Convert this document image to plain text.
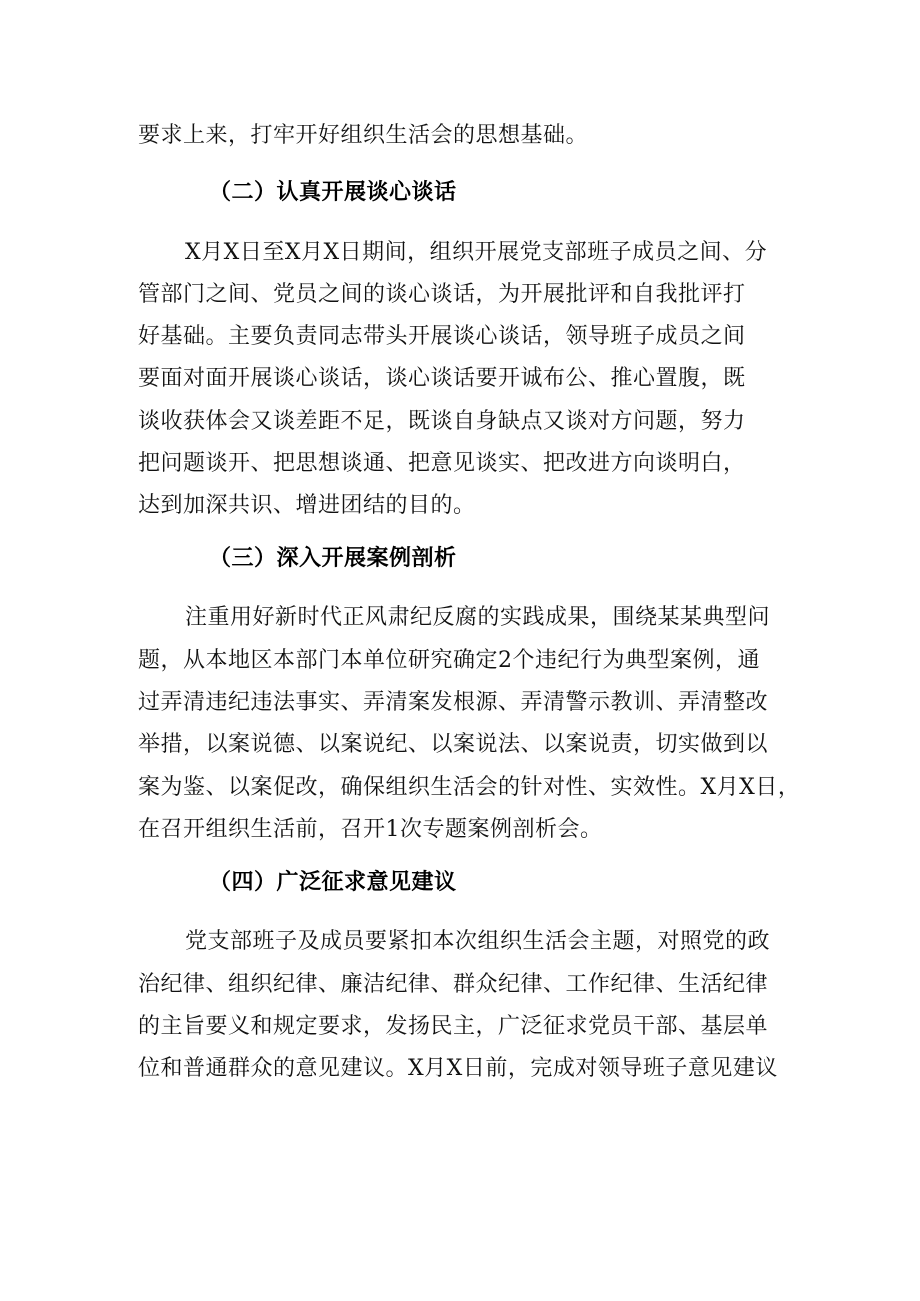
要求上来，打牢开好组织生活会的思想基础。
（二）认真开展谈心谈话
X月X日至X月X日期间，组织开展党支部班子成员之间、分
管部门之间、党员之间的谈心谈话，为开展批评和自我批评打
好基础。主要负责同志带头开展谈心谈话，领导班子成员之间
要面对面开展谈心谈话，谈心谈话要开诚布公、推心置腹，既
谈收获体会又谈差距不足，既谈自身缺点又谈对方问题，努力
把问题谈开、把思想谈通、把意见谈实、把改进方向谈明白，
达到加深共识、增进团结的目的。
（三）深入开展案例剖析
注重用好新时代正风肃纪反腐的实践成果，围绕某某典型问
题，从本地区本部门本单位研究确定2个违纪行为典型案例，通
过弄清违纪违法事实、弄清案发根源、弄清警示教训、弄清整改
举措，以案说德、以案说纪、以案说法、以案说责，切实做到以
案为鉴、以案促改，确保组织生活会的针对性、实效性。X月X日，
在召开组织生活前，召开1次专题案例剖析会。
（四）广泛征求意见建议
党支部班子及成员要紧扣本次组织生活会主题，对照党的政
治纪律、组织纪律、廉洁纪律、群众纪律、工作纪律、生活纪律
的主旨要义和规定要求，发扬民主，广泛征求党员干部、基层单
位和普通群众的意见建议。X月X日前，完成对领导班子意见建议
